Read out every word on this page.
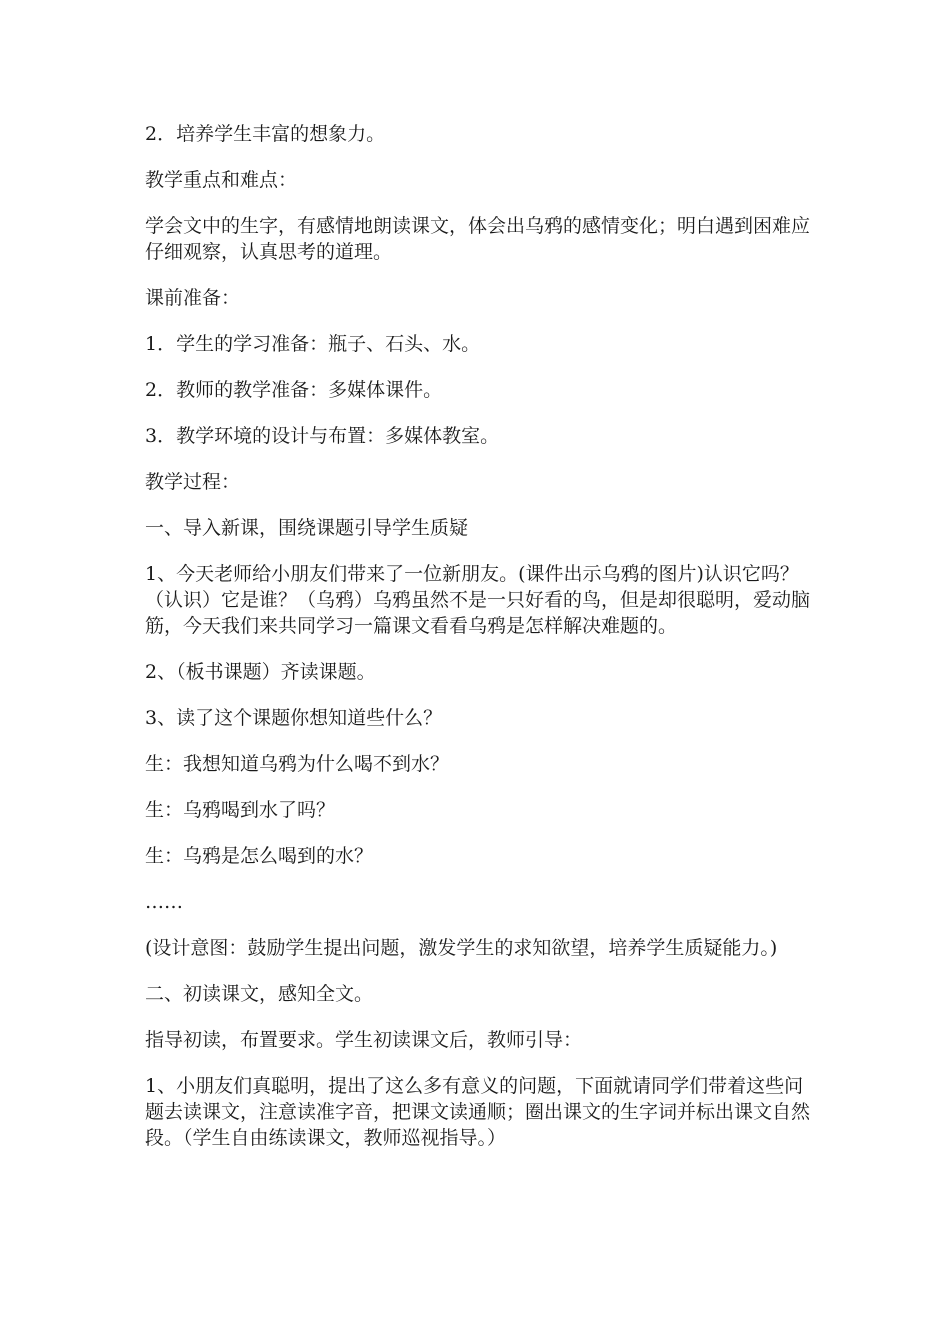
2．培养学生丰富的想象力。

教学重点和难点：

学会文中的生字，有感情地朗读课文，体会出乌鸦的感情变化；明白遇到困难应仔细观察，认真思考的道理。

课前准备：

1．学生的学习准备：瓶子、石头、水。

2．教师的教学准备：多媒体课件。

3．教学环境的设计与布置：多媒体教室。

教学过程：

一、导入新课，围绕课题引导学生质疑

1、今天老师给小朋友们带来了一位新朋友。(课件出示乌鸦的图片)认识它吗？（认识）它是谁？（乌鸦）乌鸦虽然不是一只好看的鸟，但是却很聪明，爱动脑筋，今天我们来共同学习一篇课文看看乌鸦是怎样解决难题的。

2、（板书课题）齐读课题。

3、读了这个课题你想知道些什么？

生：我想知道乌鸦为什么喝不到水？

生：乌鸦喝到水了吗？

生：乌鸦是怎么喝到的水？

……

(设计意图：鼓励学生提出问题，激发学生的求知欲望，培养学生质疑能力。)

二、初读课文，感知全文。

指导初读，布置要求。学生初读课文后，教师引导：

1、小朋友们真聪明，提出了这么多有意义的问题，下面就请同学们带着这些问题去读课文，注意读准字音，把课文读通顺；圈出课文的生字词并标出课文自然段。（学生自由练读课文，教师巡视指导。）
